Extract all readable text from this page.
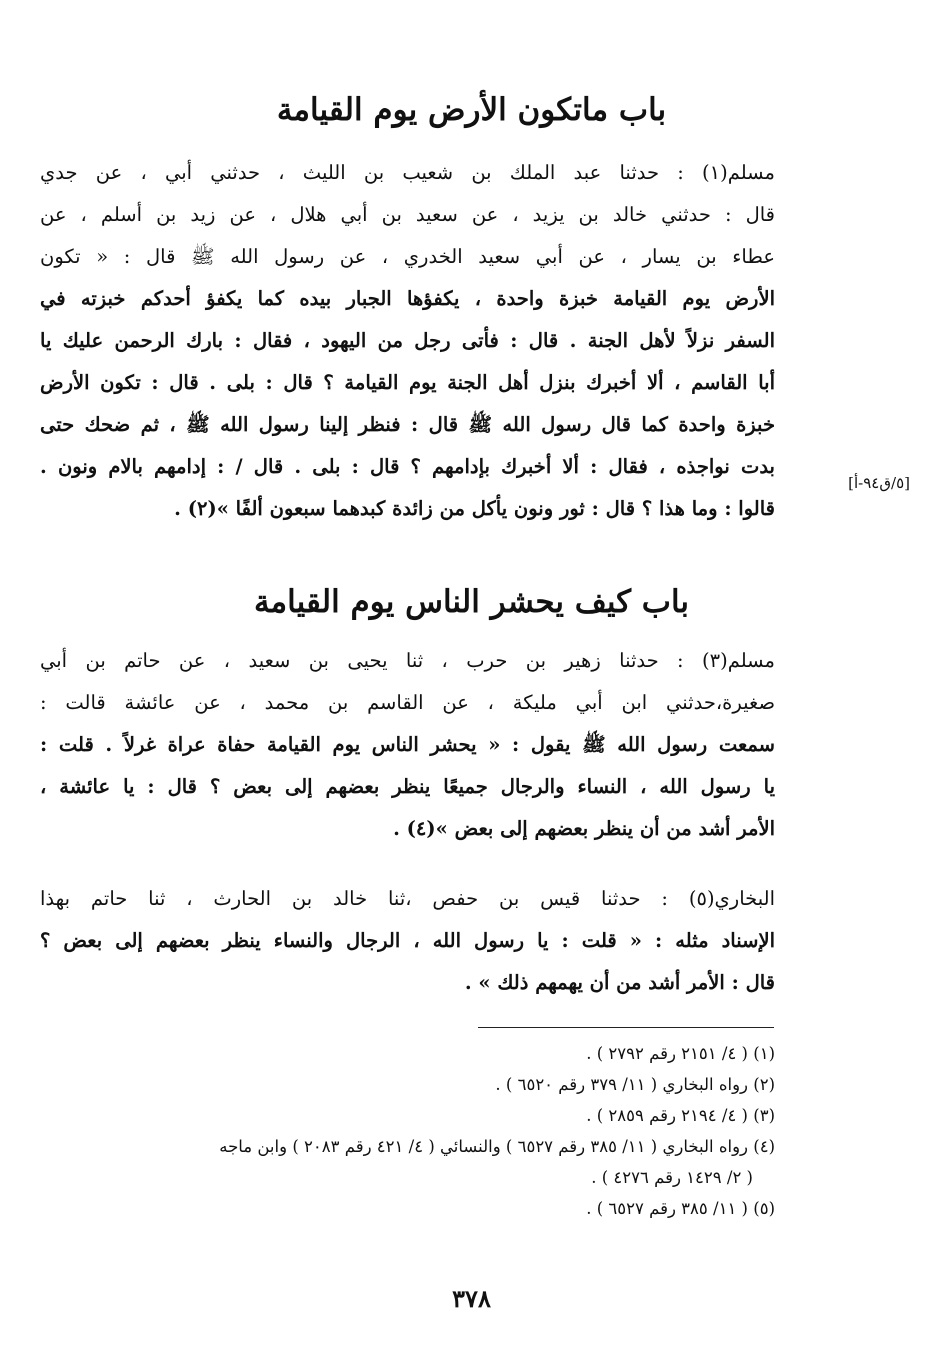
باب ماتكون الأرض يوم القيامة
مسلم(١) : حدثنا عبد الملك بن شعيب بن الليث ، حدثني أبي ، عن جدي
قال : حدثني خالد بن يزيد ، عن سعيد بن أبي هلال ، عن زيد بن أسلم ، عن
عطاء بن يسار ، عن أبي سعيد الخدري ، عن رسول الله ﷺ قال : « تكون
الأرض يوم القيامة خبزة واحدة ، يكفؤها الجبار بيده كما يكفؤ أحدكم خبزته في
السفر نزلاً لأهل الجنة . قال : فأتى رجل من اليهود ، فقال : بارك الرحمن عليك يا
أبا القاسم ، ألا أخبرك بنزل أهل الجنة يوم القيامة ؟ قال : بلى . قال : تكون الأرض
خبزة واحدة كما قال رسول الله ﷺ قال : فنظر إلينا رسول الله ﷺ ، ثم ضحك حتى
بدت نواجذه ، فقال : ألا أخبرك بإدامهم ؟ قال : بلى . قال / : إدامهم بالام ونون .
قالوا : وما هذا ؟ قال : ثور ونون يأكل من زائدة كبدهما سبعون ألفًا »(٢) .
[٥/ق٩٤-أ]
باب كيف يحشر الناس يوم القيامة
مسلم(٣) : حدثنا زهير بن حرب ، ثنا يحيى بن سعيد ، عن حاتم بن أبي
صغيرة،حدثني ابن أبي مليكة ، عن القاسم بن محمد ، عن عائشة قالت :
سمعت رسول الله ﷺ يقول : « يحشر الناس يوم القيامة حفاة عراة غرلاً . قلت :
يا رسول الله ، النساء والرجال جميعًا ينظر بعضهم إلى بعض ؟ قال : يا عائشة ،
الأمر أشد من أن ينظر بعضهم إلى بعض »(٤) .
البخاري(٥) : حدثنا قيس بن حفص ،ثنا خالد بن الحارث ، ثنا حاتم بهذا
الإسناد مثله : « قلت : يا رسول الله ، الرجال والنساء ينظر بعضهم إلى بعض ؟
قال : الأمر أشد من أن يهمهم ذلك » .
(١) ( ٤/ ٢١٥١ رقم ٢٧٩٢ ) .
(٢) رواه البخاري ( ١١/ ٣٧٩ رقم ٦٥٢٠ ) .
(٣) ( ٤/ ٢١٩٤ رقم ٢٨٥٩ ) .
(٤) رواه البخاري ( ١١/ ٣٨٥ رقم ٦٥٢٧ ) والنسائي ( ٤/ ٤٢١ رقم ٢٠٨٣ ) وابن ماجه
( ٢/ ١٤٢٩ رقم ٤٢٧٦ ) .
(٥) ( ١١/ ٣٨٥ رقم ٦٥٢٧ ) .
٣٧٨
